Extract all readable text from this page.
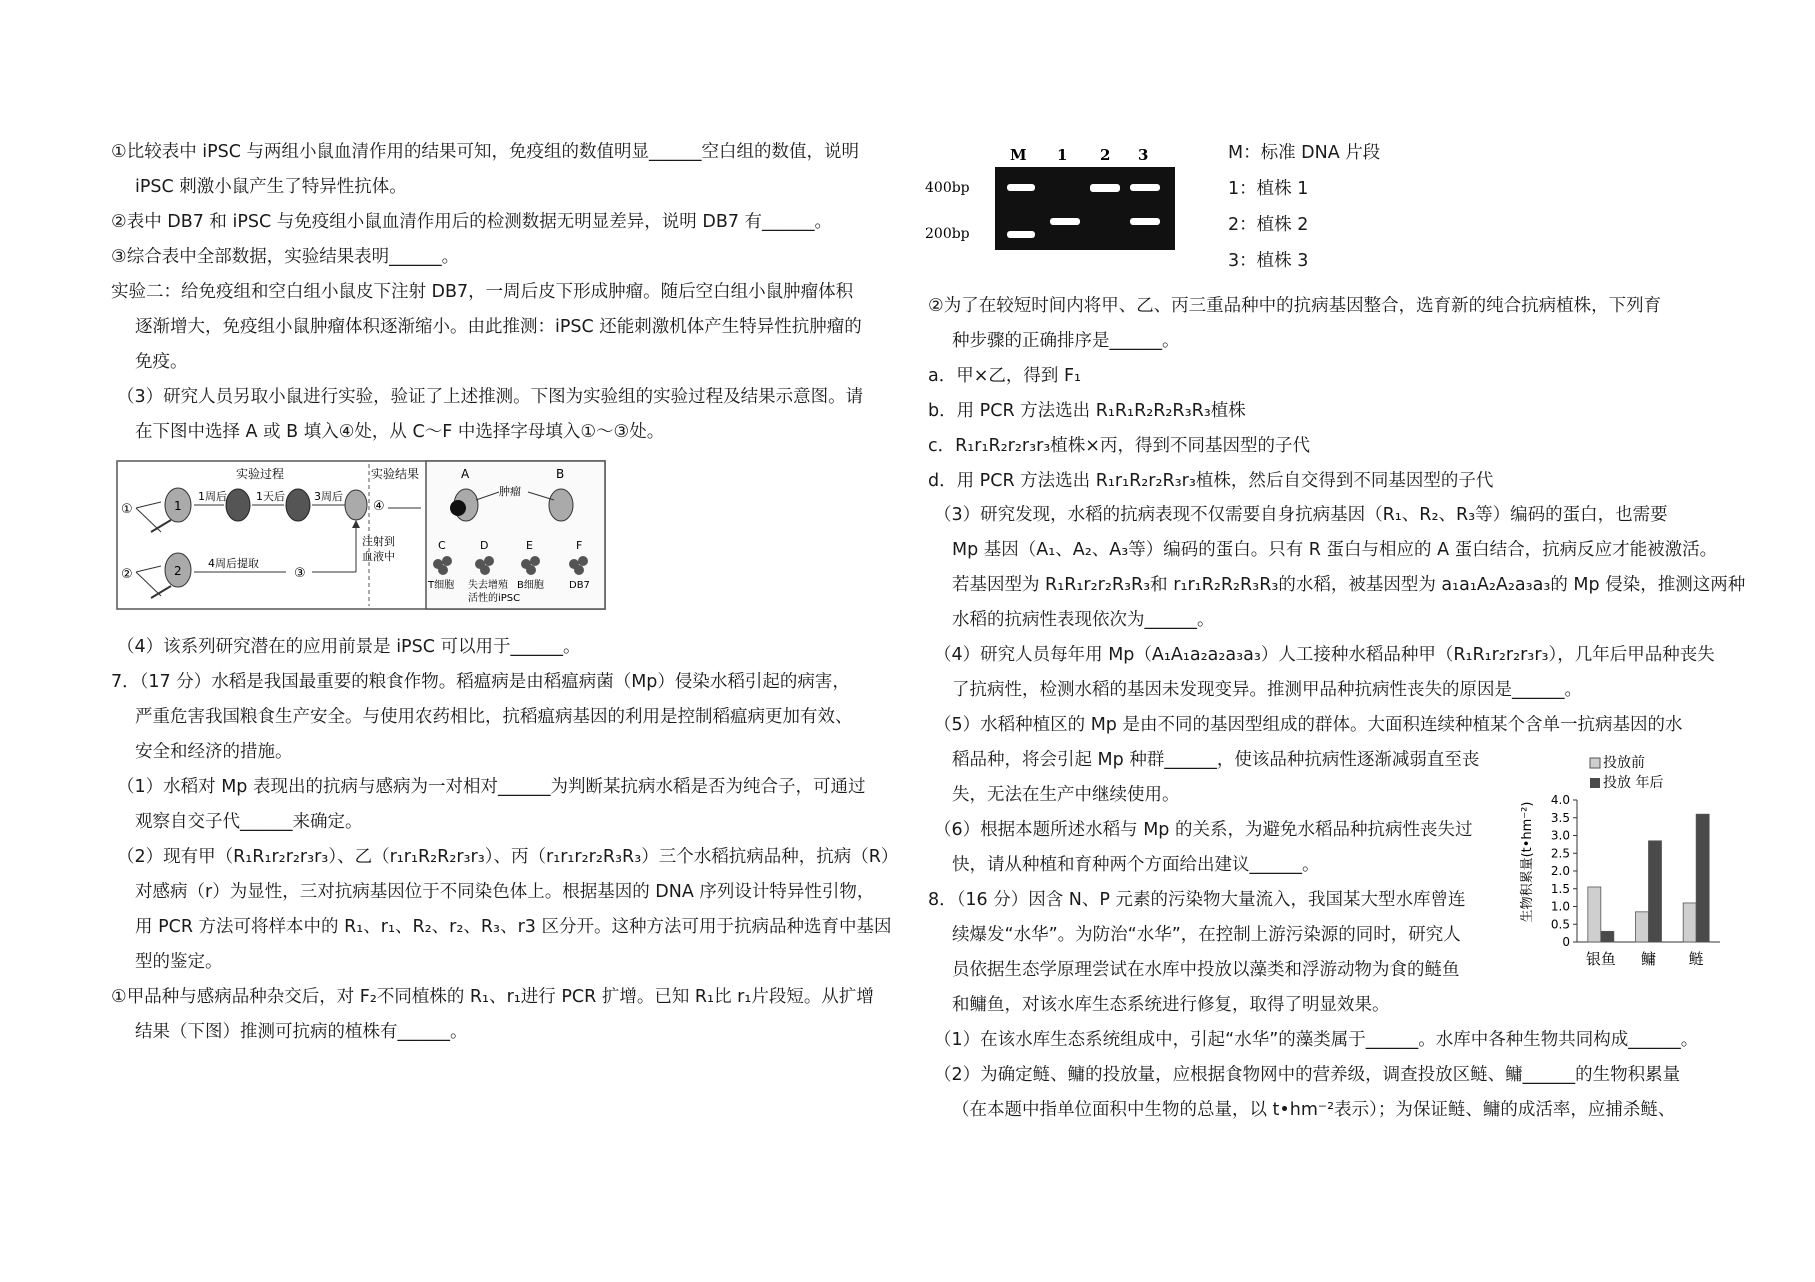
①比较表中 iPSC 与两组小鼠血清作用的结果可知，免疫组的数值明显______空白组的数值，说明
iPSC 刺激小鼠产生了特异性抗体。
②表中 DB7 和 iPSC 与免疫组小鼠血清作用后的检测数据无明显差异，说明 DB7 有______。
③综合表中全部数据，实验结果表明______。
实验二：给免疫组和空白组小鼠皮下注射 DB7，一周后皮下形成肿瘤。随后空白组小鼠肿瘤体积
逐渐增大，免疫组小鼠肿瘤体积逐渐缩小。由此推测：iPSC 还能刺激机体产生特异性抗肿瘤的
免疫。
（3）研究人员另取小鼠进行实验，验证了上述推测。下图为实验组的实验过程及结果示意图。请
在下图中选择 A 或 B 填入④处，从 C～F 中选择字母填入①～③处。
实验过程	实验结果
①	1
1周后	1天后	3周后
④
②	2
4周后提取
③
注射到
血液中
A	B
肿瘤
C	D	E	F
T细胞 失去增殖
活性的iPSC
B细胞	DB7
（4）该系列研究潜在的应用前景是 iPSC 可以用于______。
7．（17 分）水稻是我国最重要的粮食作物。稻瘟病是由稻瘟病菌（Mp）侵染水稻引起的病害，
严重危害我国粮食生产安全。与使用农药相比，抗稻瘟病基因的利用是控制稻瘟病更加有效、
安全和经济的措施。
（1）水稻对 Mp 表现出的抗病与感病为一对相对______为判断某抗病水稻是否为纯合子，可通过
观察自交子代______来确定。
（2）现有甲（R₁R₁r₂r₂r₃r₃）、乙（r₁r₁R₂R₂r₃r₃）、丙（r₁r₁r₂r₂R₃R₃）三个水稻抗病品种，抗病（R）
对感病（r）为显性，三对抗病基因位于不同染色体上。根据基因的 DNA 序列设计特异性引物，
用 PCR 方法可将样本中的 R₁、r₁、R₂、r₂、R₃、r3 区分开。这种方法可用于抗病品种选育中基因
型的鉴定。
①甲品种与感病品种杂交后，对 F₂不同植株的 R₁、r₁进行 PCR 扩增。已知 R₁比 r₁片段短。从扩增
结果（下图）推测可抗病的植株有______。
M 1 2 3
400bp
200bp
M：标准 DNA 片段
1：植株 1
2：植株 2
3：植株 3
②为了在较短时间内将甲、乙、丙三重品种中的抗病基因整合，选育新的纯合抗病植株，下列育
种步骤的正确排序是______。
a．甲×乙，得到 F₁
b．用 PCR 方法选出 R₁R₁R₂R₂R₃R₃植株
c．R₁r₁R₂r₂r₃r₃植株×丙，得到不同基因型的子代
d．用 PCR 方法选出 R₁r₁R₂r₂R₃r₃植株，然后自交得到不同基因型的子代
（3）研究发现，水稻的抗病表现不仅需要自身抗病基因（R₁、R₂、R₃等）编码的蛋白，也需要
Mp 基因（A₁、A₂、A₃等）编码的蛋白。只有 R 蛋白与相应的 A 蛋白结合，抗病反应才能被激活。
若基因型为 R₁R₁r₂r₂R₃R₃和 r₁r₁R₂R₂R₃R₃的水稻，被基因型为 a₁a₁A₂A₂a₃a₃的 Mp 侵染，推测这两种
水稻的抗病性表现依次为______。
（4）研究人员每年用 Mp（A₁A₁a₂a₂a₃a₃）人工接种水稻品种甲（R₁R₁r₂r₂r₃r₃），几年后甲品种丧失
了抗病性，检测水稻的基因未发现变异。推测甲品种抗病性丧失的原因是______。
（5）水稻种植区的 Mp 是由不同的基因型组成的群体。大面积连续种植某个含单一抗病基因的水
稻品种，将会引起 Mp 种群______，使该品种抗病性逐渐减弱直至丧
失，无法在生产中继续使用。
（6）根据本题所述水稻与 Mp 的关系，为避免水稻品种抗病性丧失过
快，请从种植和育种两个方面给出建议______。
8．（16 分）因含 N、P 元素的污染物大量流入，我国某大型水库曾连
续爆发“水华”。为防治“水华”，在控制上游污染源的同时，研究人
员依据生态学原理尝试在水库中投放以藻类和浮游动物为食的鲢鱼
和鳙鱼，对该水库生态系统进行修复，取得了明显效果。
（1）在该水库生态系统组成中，引起“水华”的藻类属于______。水库中各种生物共同构成______。
（2）为确定鲢、鳙的投放量，应根据食物网中的营养级，调查投放区鲢、鳙______的生物积累量
（在本题中指单位面积中生物的总量，以 t•hm⁻²表示）；为保证鲢、鳙的成活率，应捕杀鲢、
投放前
投放 年后
生物积累量(t•hm⁻²)
0
0.5
1.0
1.5
2.0
2.5
3.0
3.5
4.0
银鱼 鳙 鲢
